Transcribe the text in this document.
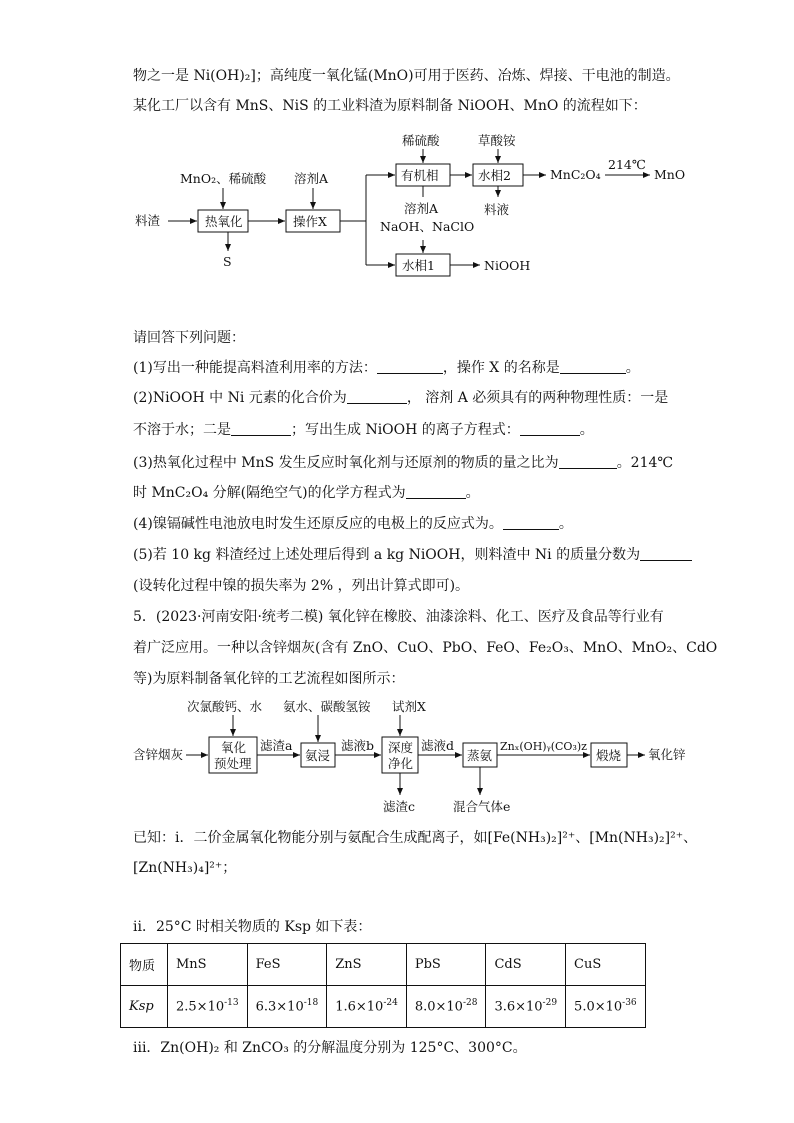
物之一是 Ni(OH)₂]；高纯度一氧化锰(MnO)可用于医药、冶炼、焊接、干电池的制造。
某化工厂以含有 MnS、NiS 的工业料渣为原料制备 NiOOH、MnO 的流程如下：
料渣
MnO₂、稀硫酸
热氧化
S
溶剂A
操作X
稀硫酸
有机相
草酸铵
水相2	MnC₂O₄
214℃
MnO
料液
溶剂A
NaOH、NaClO
水相1	NiOOH
请回答下列问题：
(1)写出一种能提高料渣利用率的方法：	，操作 X 的名称是	。
(2)NiOOH 中 Ni 元素的化合价为	， 溶剂 A 必须具有的两种物理性质：一是
不溶于水；二是	；写出生成 NiOOH 的离子方程式：	。
(3)热氧化过程中 MnS 发生反应时氧化剂与还原剂的物质的量之比为	。214℃
时 MnC₂O₄ 分解(隔绝空气)的化学方程式为	。
(4)镍镉碱性电池放电时发生还原反应的电极上的反应式为。	。
(5)若 10 kg 料渣经过上述处理后得到 a kg NiOOH，则料渣中 Ni 的质量分数为
(设转化过程中镍的损失率为 2% ，列出计算式即可)。
5．(2023·河南安阳·统考二模) 氧化锌在橡胶、油漆涂料、化工、医疗及食品等行业有
着广泛应用。一种以含锌烟灰(含有 ZnO、CuO、PbO、FeO、Fe₂O₃、MnO、MnO₂、CdO
等)为原料制备氧化锌的工艺流程如图所示：
含锌烟灰
次氯酸钙、水 氨水、碳酸氢铵 试剂X
氧化
预处理
滤渣a
氨浸
滤液b 深度
净化
滤液d
蒸氨
Znₓ(OH)ᵧ(CO₃)z
煅烧 氧化锌
滤渣c	混合气体e
已知：i．二价金属氧化物能分别与氨配合生成配离子，如[Fe(NH₃)₂]²⁺、[Mn(NH₃)₂]²⁺、
[Zn(NH₃)₄]²⁺；
ii．25°C 时相关物质的 Ksp 如下表：
物质	MnS	FeS	ZnS	PbS	CdS	CuS
Ksp	$2.5\times 10^{-13}$	$6.3\times 10^{-18}$	$1.6\times 10^{-24}$	$8.0\times 10^{-28}$	$3.6\times 10^{-29}$	$5.0\times 10^{-36}$
iii．Zn(OH)₂ 和 ZnCO₃ 的分解温度分别为 125°C、300°C。
